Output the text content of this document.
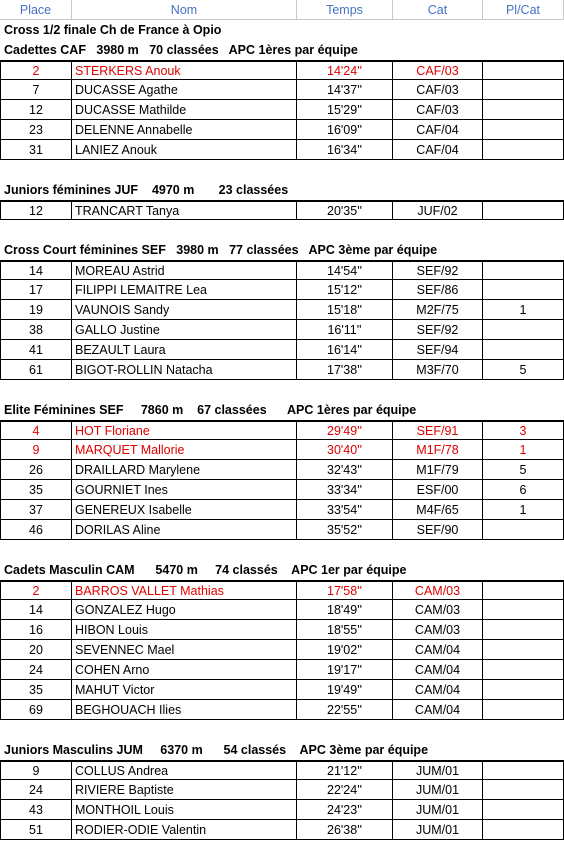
Place	Nom	Temps	Cat	Pl/Cat
Cross 1/2 finale Ch de France à Opio
Cadettes CAF   3980 m   70 classées   APC 1ères par équipe
2	STERKERS Anouk	14'24''	CAF/03
7	DUCASSE Agathe	14'37''	CAF/03
12	DUCASSE Mathilde	15'29''	CAF/03
23	DELENNE Annabelle	16'09''	CAF/04
31	LANIEZ Anouk	16'34''	CAF/04
Juniors féminines JUF    4970 m       23 classées
12	TRANCART Tanya	20'35''	JUF/02
Cross Court féminines SEF   3980 m   77 classées   APC 3ème par équipe
14	MOREAU Astrid	14'54''	SEF/92
17	FILIPPI LEMAITRE Lea	15'12''	SEF/86
19	VAUNOIS Sandy	15'18''	M2F/75	1
38	GALLO Justine	16'11''	SEF/92
41	BEZAULT Laura	16'14''	SEF/94
61	BIGOT-ROLLIN Natacha	17'38''	M3F/70	5
Elite Féminines SEF     7860 m    67 classées      APC 1ères par équipe
4	HOT Floriane	29'49''	SEF/91	3
9	MARQUET Mallorie	30'40''	M1F/78	1
26	DRAILLARD Marylene	32'43''	M1F/79	5
35	GOURNIET Ines	33'34''	ESF/00	6
37	GENEREUX Isabelle	33'54''	M4F/65	1
46	DORILAS Aline	35'52''	SEF/90
Cadets Masculin CAM      5470 m     74 classés    APC 1er par équipe
2	BARROS VALLET Mathias	17'58''	CAM/03
14	GONZALEZ Hugo	18'49''	CAM/03
16	HIBON Louis	18'55''	CAM/03
20	SEVENNEC Mael	19'02''	CAM/04
24	COHEN Arno	19'17''	CAM/04
35	MAHUT Victor	19'49''	CAM/04
69	BEGHOUACH Ilies	22'55''	CAM/04
Juniors Masculins JUM     6370 m      54 classés    APC 3ème par équipe
9	COLLUS Andrea	21'12''	JUM/01
24	RIVIERE Baptiste	22'24''	JUM/01
43	MONTHOIL Louis	24'23''	JUM/01
51	RODIER-ODIE Valentin	26'38''	JUM/01
